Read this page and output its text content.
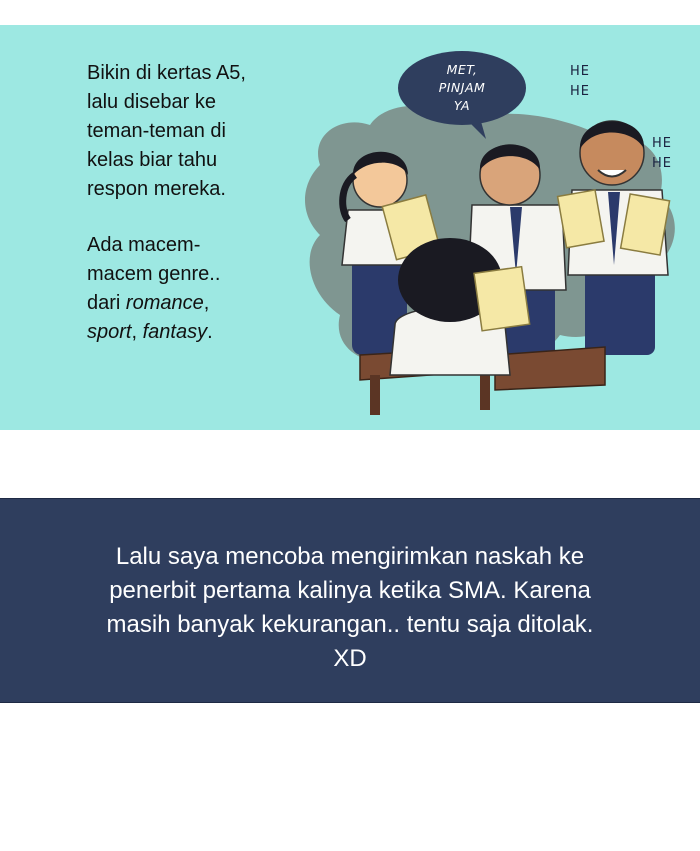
Bikin di kertas A5,
lalu disebar ke
teman-teman di
kelas biar tahu
respon mereka.

Ada macem-
macem genre..
dari romance,
sport, fantasy.

MET,
PINJAM
YA
HE
HE
HE
HE
Lalu saya mencoba mengirimkan naskah ke
penerbit pertama kalinya ketika SMA. Karena
masih banyak kekurangan.. tentu saja ditolak.
XD
